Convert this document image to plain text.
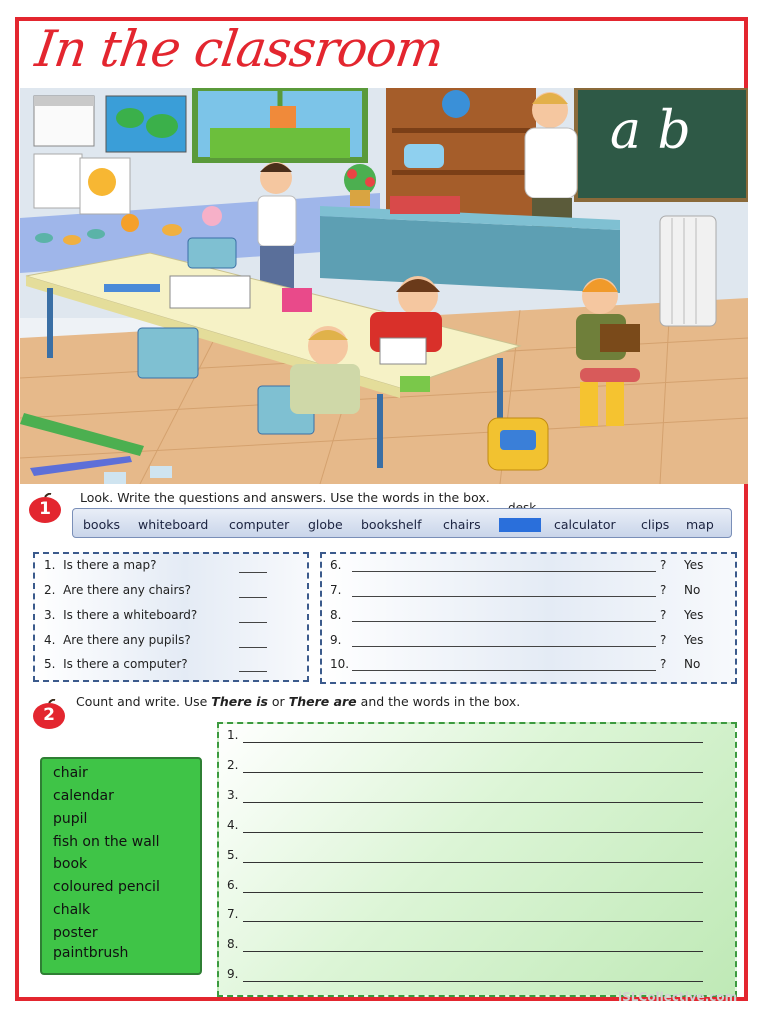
In the classroom
a b
1
Look. Write the questions and answers. Use the words in the box.
books whiteboard computer globe bookshelf chairs	calculator clips map
1. Is there a map?
2. Are there any chairs?
3. Is there a whiteboard?
4. Are there any pupils?
5. Is there a computer?
6.	? Yes
7.	? No
8.	? Yes
9.	? Yes
10.	? No
2
Count and write. Use There is or There are and the words in the box.
chair
calendar
pupil
fish on the wall
book
coloured pencil
chalk
poster
paintbrush
1.
2.
3.
4.
5.
6.
7.
8.
9.
iSLCollective.com
